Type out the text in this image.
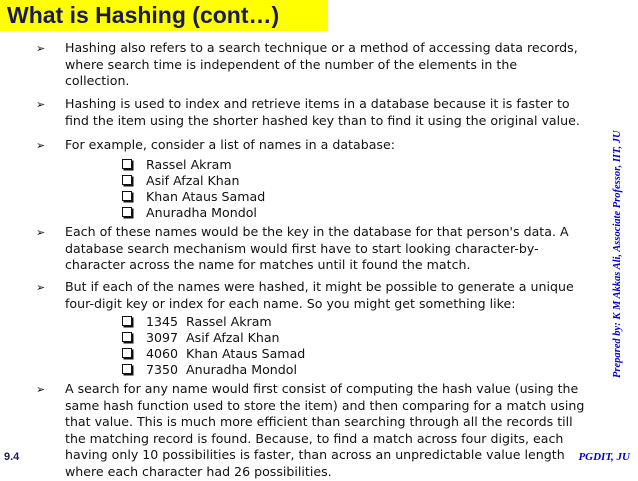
What is Hashing (cont…)
➢ Hashing also refers to a search technique or a method of accessing data records, where search time is independent of the number of the elements in the collection.
➢ Hashing is used to index and retrieve items in a database because it is faster to find the item using the shorter hashed key than to find it using the original value.
➢ For example, consider a list of names in a database:
Rassel Akram
Asif Afzal Khan
Khan Ataus Samad
Anuradha Mondol
➢ Each of these names would be the key in the database for that person's data. A database search mechanism would first have to start looking character-by-character across the name for matches until it found the match.
➢ But if each of the names were hashed, it might be possible to generate a unique four-digit key or index for each name. So you might get something like:
1345  Rassel Akram
3097  Asif Afzal Khan
4060  Khan Ataus Samad
7350  Anuradha Mondol
➢ A search for any name would first consist of computing the hash value (using the same hash function used to store the item) and then comparing for a match using that value. This is much more efficient than searching through all the records till the matching record is found. Because, to find a match across four digits, each having only 10 possibilities is faster, than across an unpredictable value length where each character had 26 possibilities.
Prepared by: K M Akkas Ali, Associate Professor, IIT, JU
9.4	PGDIT, JU
